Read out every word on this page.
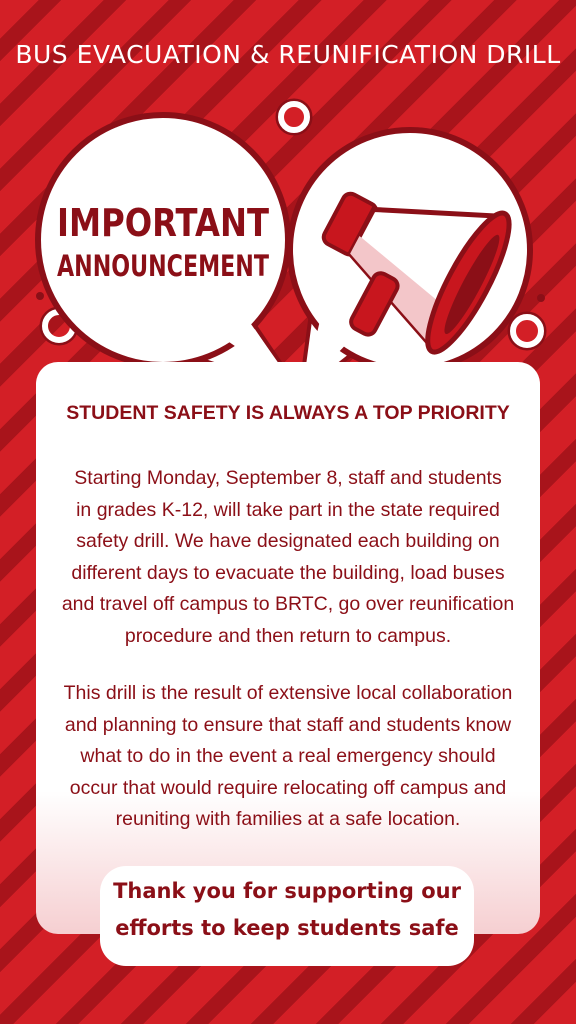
BUS EVACUATION & REUNIFICATION DRILL
IMPORTANT
ANNOUNCEMENT
STUDENT SAFETY IS ALWAYS A TOP PRIORITY

Starting Monday, September 8, staff and students
in grades K-12, will take part in the state required
safety drill. We have designated each building on
different days to evacuate the building, load buses
and travel off campus to BRTC, go over reunification
procedure and then return to campus.

This drill is the result of extensive local collaboration
and planning to ensure that staff and students know
what to do in the event a real emergency should
occur that would require relocating off campus and
reuniting with families at a safe location.

Thank you for supporting our
efforts to keep students safe
